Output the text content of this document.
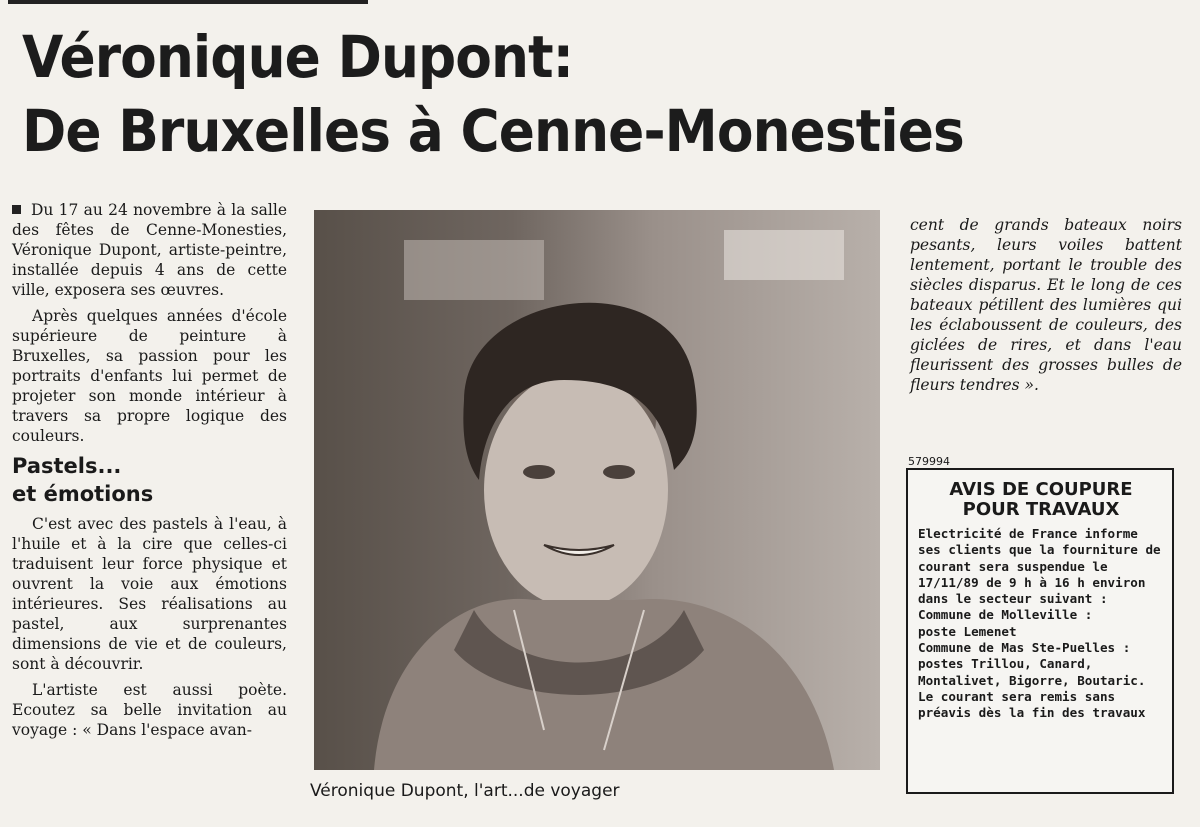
Véronique Dupont:
De Bruxelles à Cenne-Monesties

Du 17 au 24 novembre à la salle des fêtes de Cenne-Monesties, Véronique Dupont, artiste-peintre, installée depuis 4 ans de cette ville, exposera ses œuvres.

Après quelques années d'école supérieure de peinture à Bruxelles, sa passion pour les portraits d'enfants lui permet de projeter son monde intérieur à travers sa propre logique des couleurs.

Pastels...
et émotions

C'est avec des pastels à l'eau, à l'huile et à la cire que celles-ci traduisent leur force physique et ouvrent la voie aux émotions intérieures. Ses réalisations au pastel, aux surprenantes dimensions de vie et de couleurs, sont à découvrir.

L'artiste est aussi poète. Ecoutez sa belle invitation au voyage : « Dans l'espace avan-

Véronique Dupont, l'art...de voyager

cent de grands bateaux noirs pesants, leurs voiles battent lentement, portant le trouble des siècles disparus. Et le long de ces bateaux pétillent des lumières qui les éclaboussent de couleurs, des giclées de rires, et dans l'eau fleurissent des grosses bulles de fleurs tendres ».

579994

AVIS DE COUPURE
POUR TRAVAUX

Electricité de France informe ses clients que la fourniture de courant sera suspendue le 17/11/89 de 9 h à 16 h environ dans le secteur suivant :
Commune de Molleville :
poste Lemenet
Commune de Mas Ste-Puelles : postes Trillou, Canard, Montalivet, Bigorre, Boutaric.
Le courant sera remis sans préavis dès la fin des travaux
